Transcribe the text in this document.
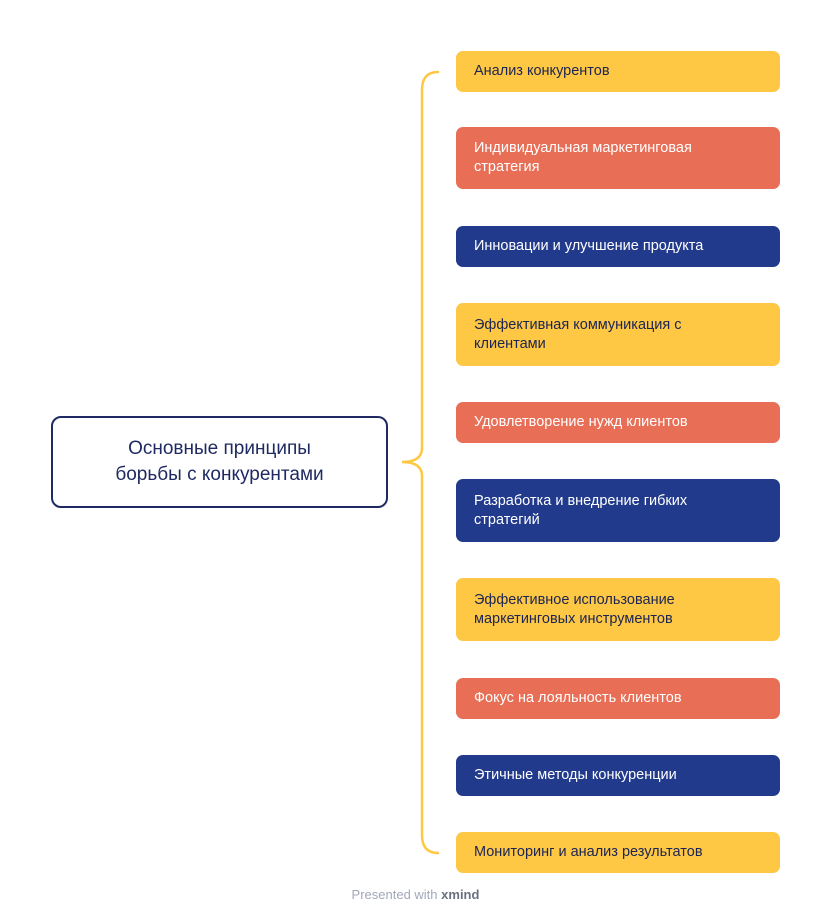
Основные принципы
борьбы с конкурентами
Анализ конкурентов
Индивидуальная маркетинговая
стратегия
Инновации и улучшение продукта
Эффективная коммуникация с
клиентами
Удовлетворение нужд клиентов
Разработка и внедрение гибких
стратегий
Эффективное использование
маркетинговых инструментов
Фокус на лояльность клиентов
Этичные методы конкуренции
Мониторинг и анализ результатов
Presented with xmind
